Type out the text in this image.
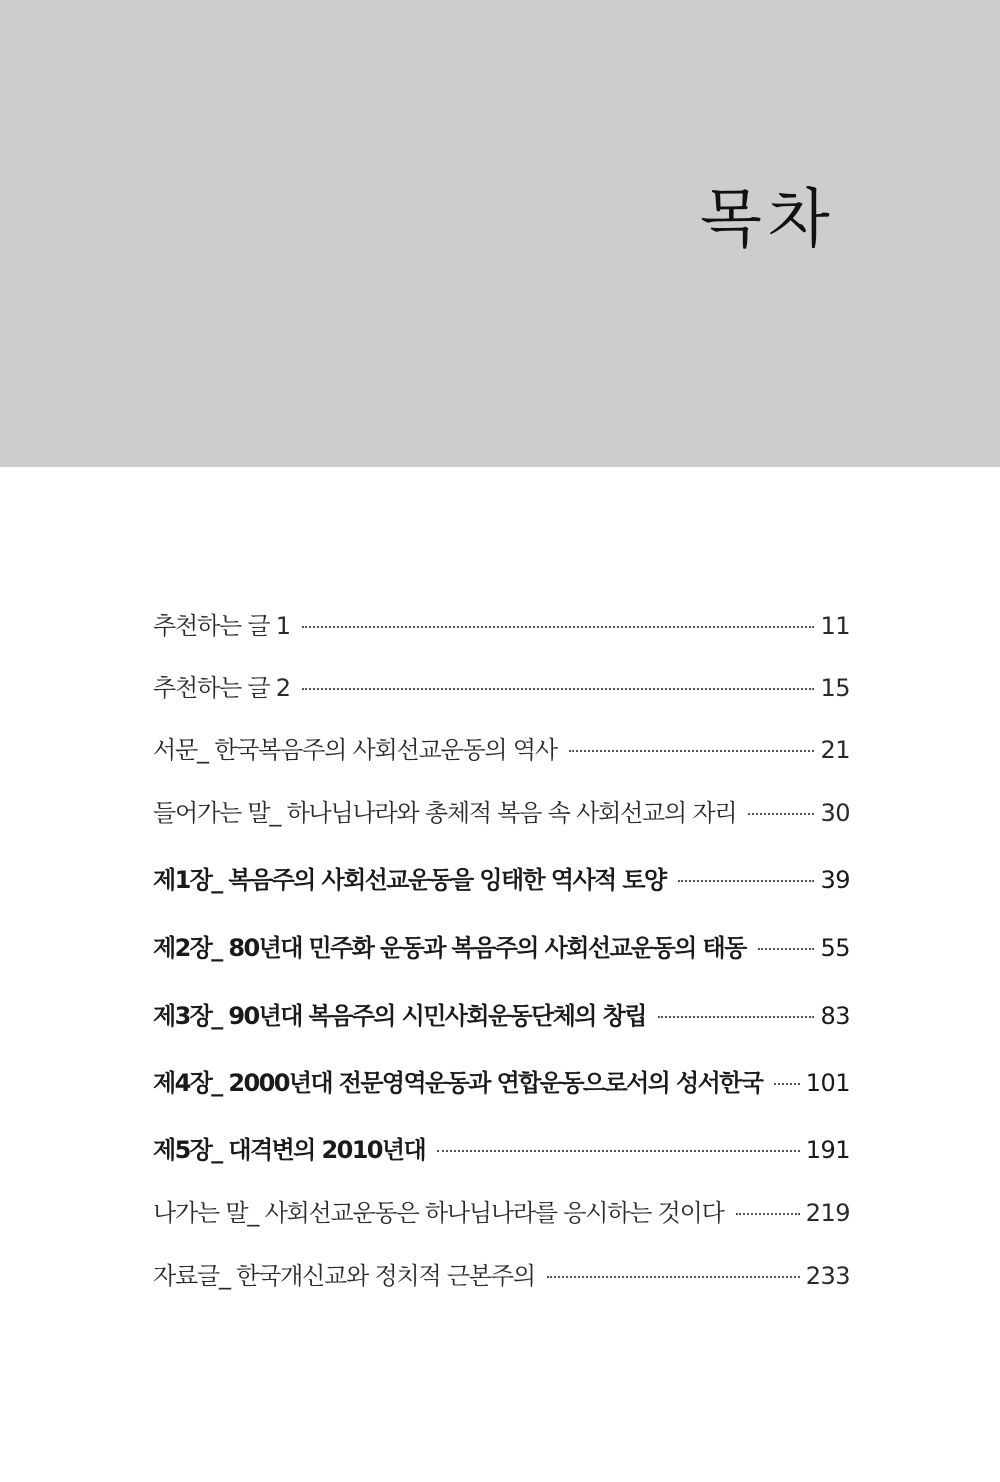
목차
추천하는 글 1	11
추천하는 글 2	15
서문_ 한국복음주의 사회선교운동의 역사	21
들어가는 말_ 하나님나라와 총체적 복음 속 사회선교의 자리	30
제1장_ 복음주의 사회선교운동을 잉태한 역사적 토양	39
제2장_ 80년대 민주화 운동과 복음주의 사회선교운동의 태동	55
제3장_ 90년대 복음주의 시민사회운동단체의 창립	83
제4장_ 2000년대 전문영역운동과 연합운동으로서의 성서한국 101
제5장_ 대격변의 2010년대	191
나가는 말_ 사회선교운동은 하나님나라를 응시하는 것이다	219
자료글_ 한국개신교와 정치적 근본주의	233
